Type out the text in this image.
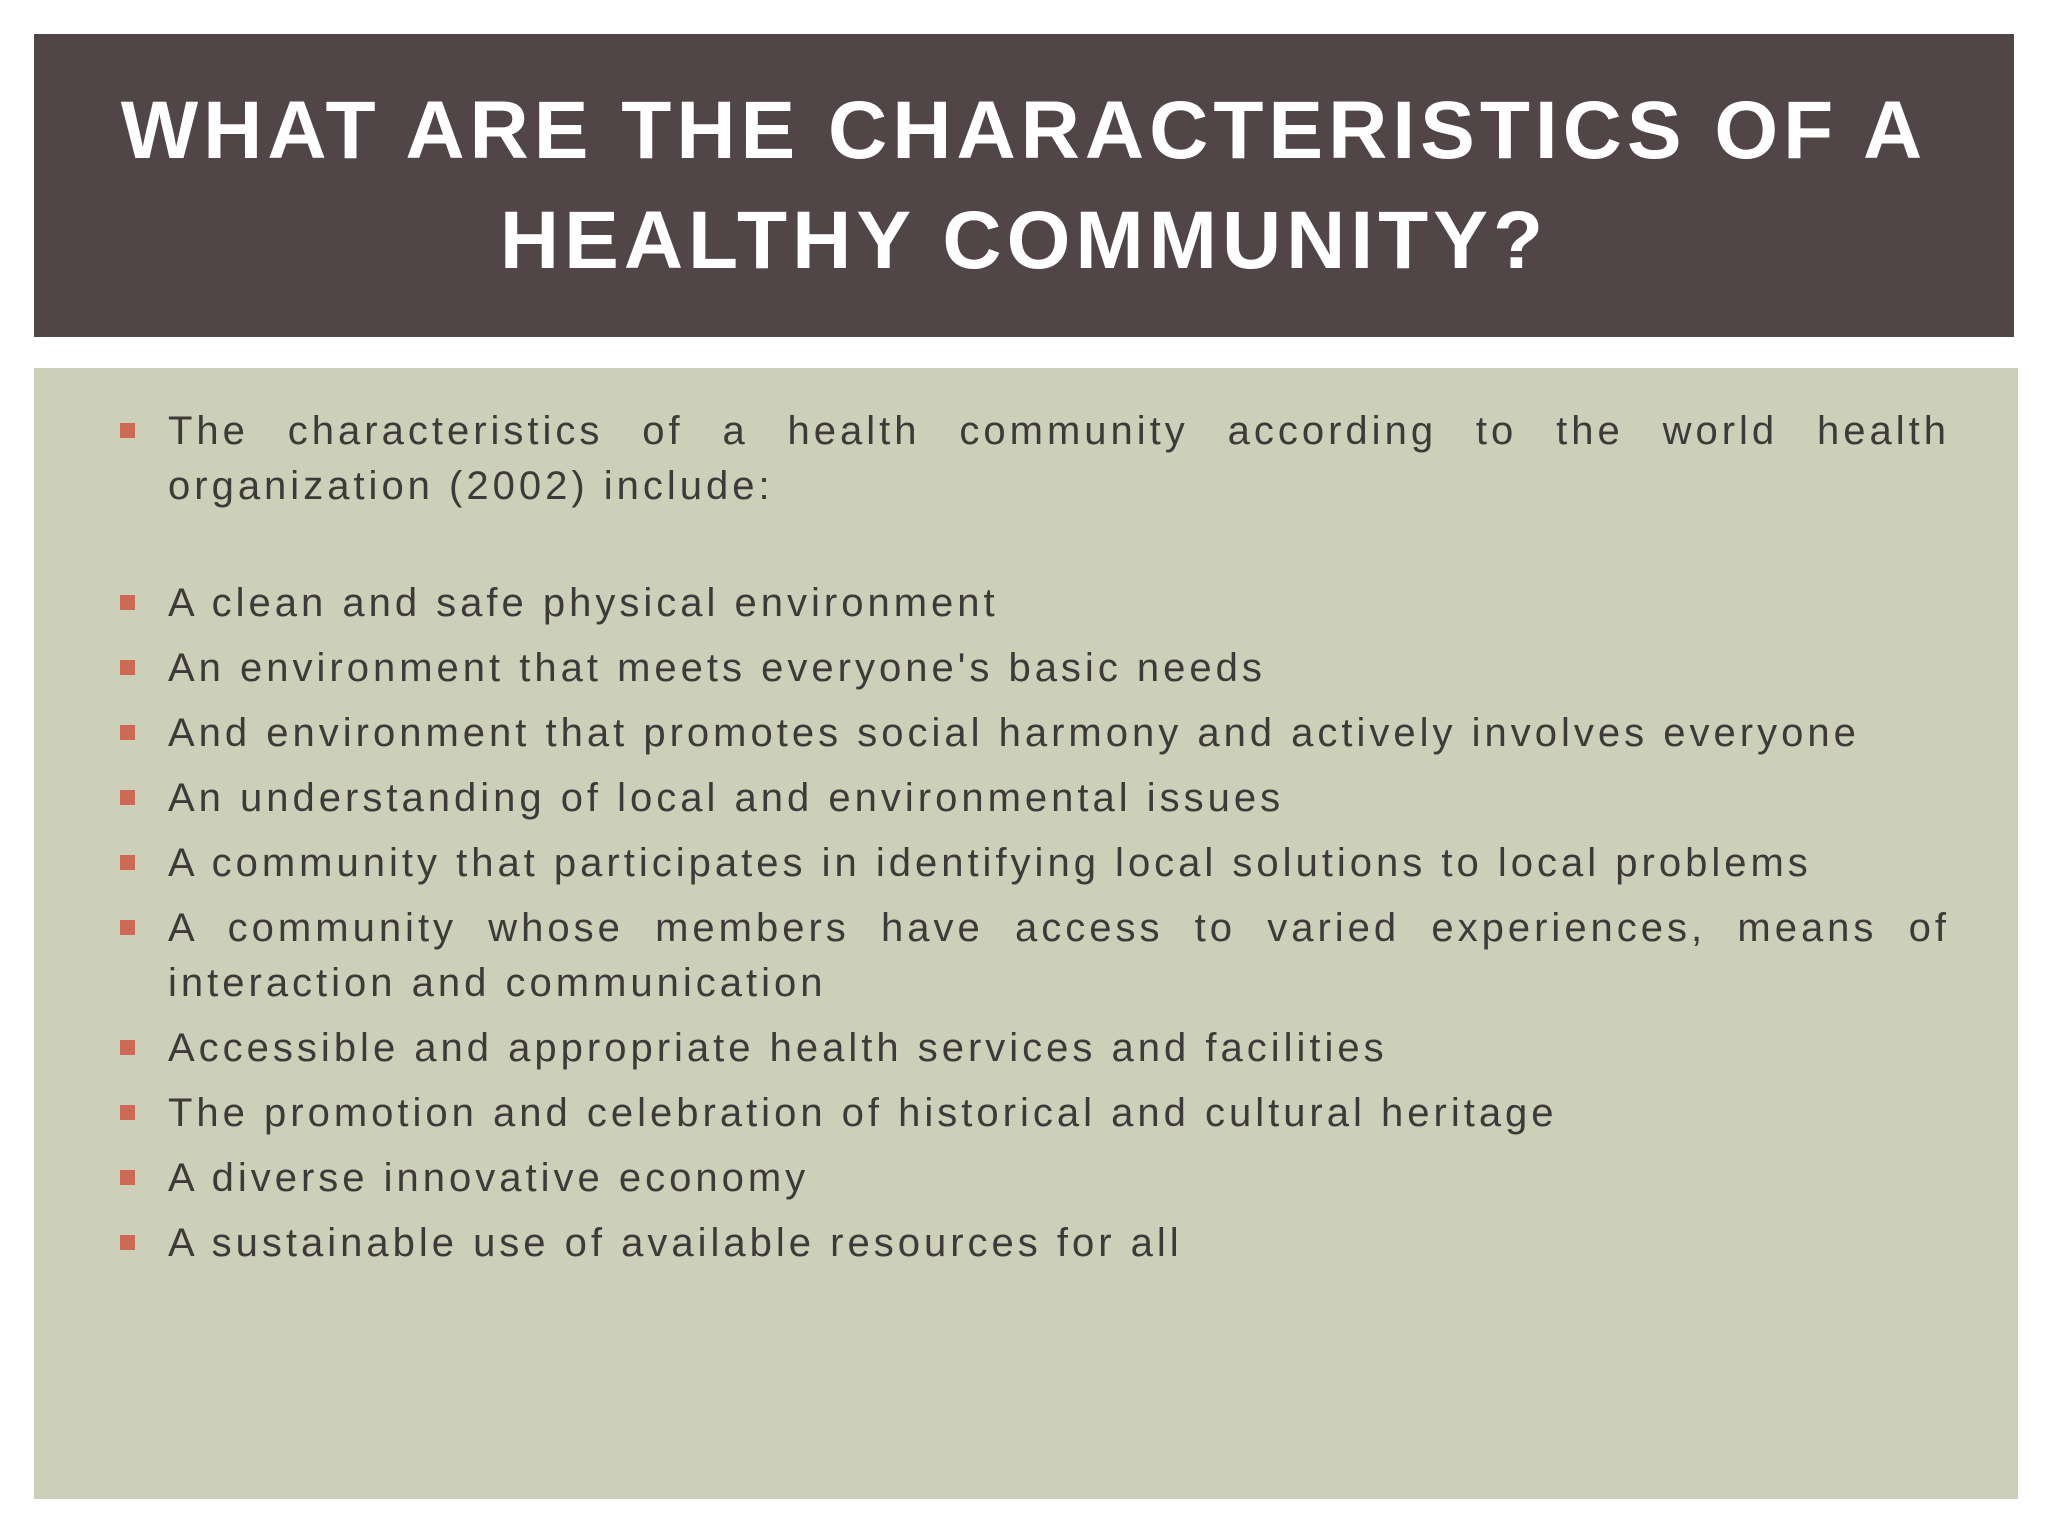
WHAT ARE THE CHARACTERISTICS OF A HEALTHY COMMUNITY?
The characteristics of a health community according to the world health organization (2002) include:
A clean and safe physical environment
An environment that meets everyone's basic needs
And environment that promotes social harmony and actively involves everyone
An understanding of local and environmental issues
A community that participates in identifying local solutions to local problems
A community whose members have access to varied experiences, means of interaction and communication
Accessible and appropriate health services and facilities
The promotion and celebration of historical and cultural heritage
A diverse innovative economy
A sustainable use of available resources for all
